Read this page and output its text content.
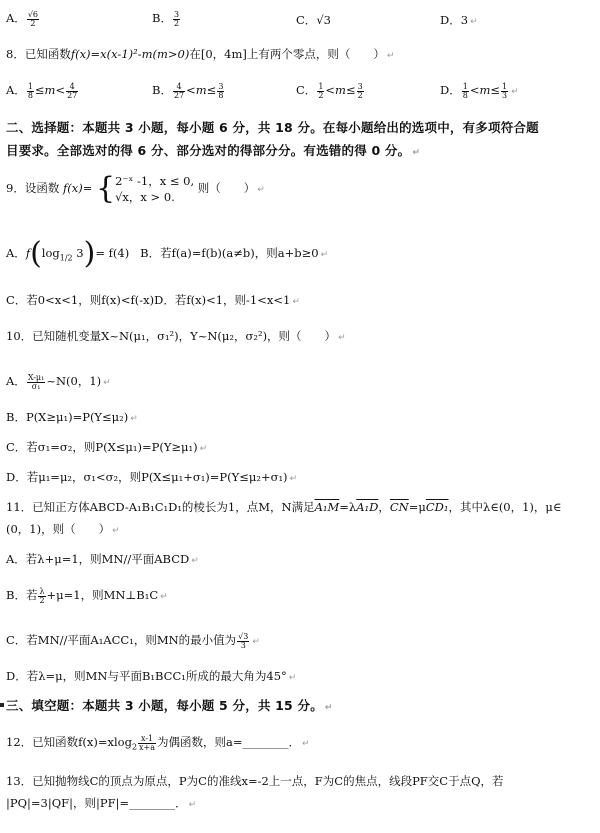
A． $\frac{√6}{2}$	B． $\frac{3}{2}$	C．√3	D．3 ↵
8．已知函数f(x)=x(x-1)²-m(m>0)在[0，4m]上有两个零点，则（　　） ↵
A． $\frac{1}{8} \le m< \frac{4}{27}$	B． $\frac{4}{27} <m\le \frac{3}{8}$	C． $\frac{1}{2} <m\le \frac{3}{2}$	D． $\frac{1}{8} <m\le \frac{1}{3}$ ↵
二、选择题：本题共 3 小题，每小题 6 分，共 18 分。在每小题给出的选项中，有多项符合题
目要求。全部选对的得 6 分、部分选对的得部分分。有选错的得 0 分。 ↵
9．设函数 f(x)= { 2⁻ˣ -1，x ≤ 0,
√x，x > 0.
则（　　） ↵
A．$f(\log_{1/2}$ 3)= f(4) B．若f(a)=f(b)(a≠b)，则a+b≥0 ↵
C．若0<x<1，则f(x)<f(-x)D．若f(x)<1，则-1<x<1 ↵
10．已知随机变量X~N(μ₁，σ₁²)，Y~N(μ₂，σ₂²)，则（　　） ↵
A． $\frac{\text{X-μ₁}}{\text{σ₁}}$ ~N(0，1) ↵
B．P(X≥μ₁)=P(Y≤μ₂) ↵
C．若σ₁=σ₂，则P(X≤μ₁)=P(Y≥μ₁) ↵
D．若μ₁=μ₂，σ₁<σ₂，则P(X≤μ₁+σ₁)=P(Y≤μ₂+σ₁) ↵
11．已知正方体ABCD-A₁B₁C₁D₁的棱长为1，点M，N满足A₁M=λA₁D，$\overline{CN}=\mu CD_1$，其中λ∈(0，1)，μ∈
(0，1)，则（　　） ↵
A．若λ+μ=1，则MN//平面ABCD ↵
B．若 $\frac{\lambda}{2} +\mu=1$，则MN⊥B₁C ↵
C．若MN//平面A₁ACC₁，则MN的最小值为 $\frac{√3}{3}$ ↵
D．若λ=μ，则MN与平面B₁BCC₁所成的最大角为45° ↵
三、填空题：本题共 3 小题，每小题 5 分，共 15 分。 ↵
12．已知函数$f(x)=xlog_2 \frac{x-1}{x+a}$ 为偶函数，则a=________． ↵
13．已知抛物线C的顶点为原点，P为C的准线x=-2上一点，F为C的焦点，线段PF交C于点Q，若
|PQ|=3|QF|，则|PF|=________． ↵
